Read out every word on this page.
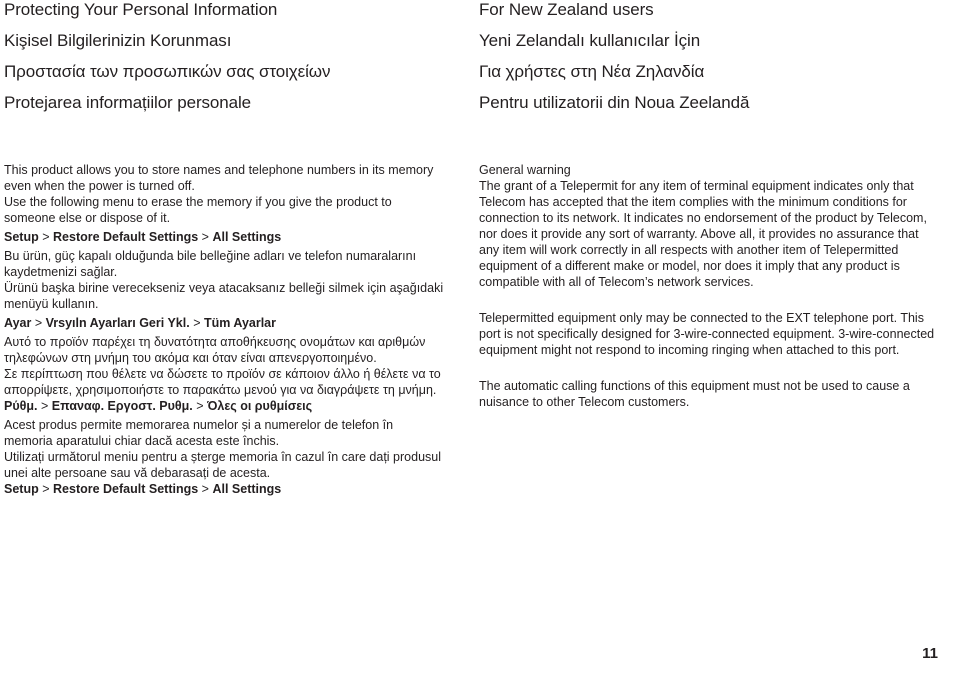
Protecting Your Personal Information
Kişisel Bilgilerinizin Korunması
Προστασία των προσωπικών σας στοιχείων
Protejarea informațiilor personale

This product allows you to store names and telephone numbers in its memory even when the power is turned off.

Use the following menu to erase the memory if you give the product to someone else or dispose of it.

Setup > Restore Default Settings > All Settings

Bu ürün, güç kapalı olduğunda bile belleğine adları ve telefon numaralarını kaydetmenizi sağlar.

Ürünü başka birine verecekseniz veya atacaksanız belleği silmek için aşağıdaki menüyü kullanın.

Ayar > Vrsyıln Ayarları Geri Ykl. > Tüm Ayarlar

Αυτό το προϊόν παρέχει τη δυνατότητα αποθήκευσης ονομάτων και αριθμών τηλεφώνων στη μνήμη του ακόμα και όταν είναι απενεργοποιημένο.

Σε περίπτωση που θέλετε να δώσετε το προϊόν σε κάποιον άλλο ή θέλετε να το απορρίψετε, χρησιμοποιήστε το παρακάτω μενού για να διαγράψετε τη μνήμη.

Ρύθμ. > Επαναφ. Εργοστ. Ρυθμ. > Όλες οι ρυθμίσεις

Acest produs permite memorarea numelor și a numerelor de telefon în memoria aparatului chiar dacă acesta este închis.

Utilizați următorul meniu pentru a șterge memoria în cazul în care dați produsul unei alte persoane sau vă debarasați de acesta.

Setup > Restore Default Settings > All Settings

For New Zealand users
Yeni Zelandalı kullanıcılar İçin
Για χρήστες στη Νέα Ζηλανδία
Pentru utilizatorii din Noua Zeelandă

General warning

The grant of a Telepermit for any item of terminal equipment indicates only that Telecom has accepted that the item complies with the minimum conditions for connection to its network. It indicates no endorsement of the product by Telecom, nor does it provide any sort of warranty. Above all, it provides no assurance that any item will work correctly in all respects with another item of Telepermitted equipment of a different make or model, nor does it imply that any product is compatible with all of Telecom’s network services.

Telepermitted equipment only may be connected to the EXT telephone port. This port is not specifically designed for 3-wire-connected equipment. 3-wire-connected equipment might not respond to incoming ringing when attached to this port.

The automatic calling functions of this equipment must not be used to cause a nuisance to other Telecom customers.

11
